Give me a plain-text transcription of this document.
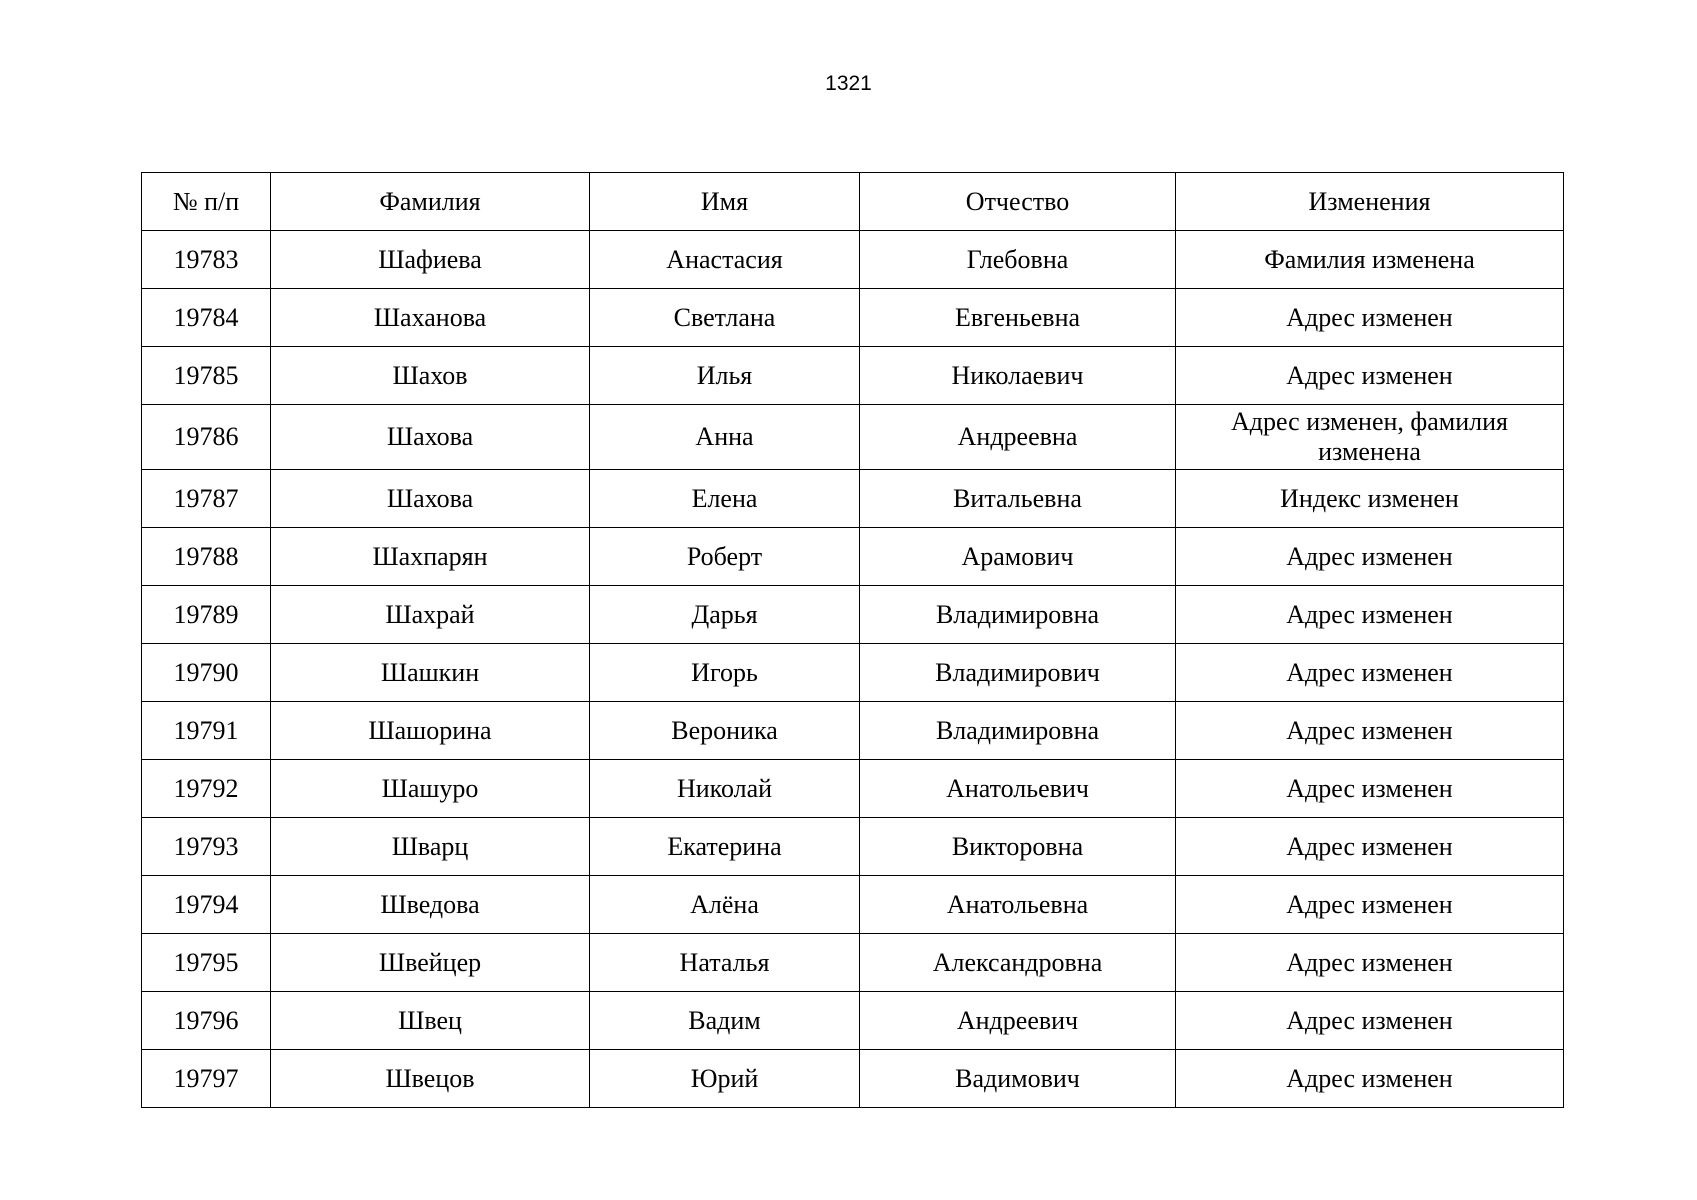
1321
№ п/п	Фамилия	Имя	Отчество	Изменения
19783	Шафиева	Анастасия	Глебовна	Фамилия изменена
19784	Шаханова	Светлана	Евгеньевна	Адрес изменен
19785	Шахов	Илья	Николаевич	Адрес изменен
19786	Шахова	Анна	Андреевна	Адрес изменен, фамилия изменена
19787	Шахова	Елена	Витальевна	Индекс изменен
19788	Шахпарян	Роберт	Арамович	Адрес изменен
19789	Шахрай	Дарья	Владимировна	Адрес изменен
19790	Шашкин	Игорь	Владимирович	Адрес изменен
19791	Шашорина	Вероника	Владимировна	Адрес изменен
19792	Шашуро	Николай	Анатольевич	Адрес изменен
19793	Шварц	Екатерина	Викторовна	Адрес изменен
19794	Шведова	Алёна	Анатольевна	Адрес изменен
19795	Швейцер	Наталья	Александровна	Адрес изменен
19796	Швец	Вадим	Андреевич	Адрес изменен
19797	Швецов	Юрий	Вадимович	Адрес изменен
